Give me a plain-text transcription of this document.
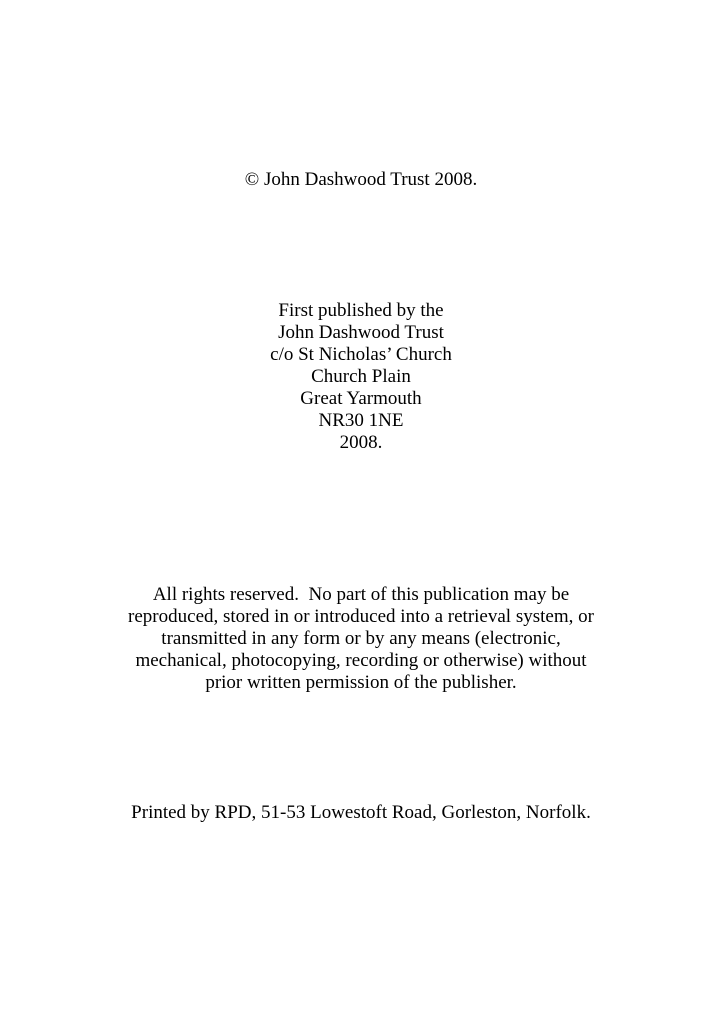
© John Dashwood Trust 2008.
First published by the
John Dashwood Trust
c/o St Nicholas’ Church
Church Plain
Great Yarmouth
NR30 1NE
2008.
All rights reserved.  No part of this publication may be
reproduced, stored in or introduced into a retrieval system, or
transmitted in any form or by any means (electronic,
mechanical, photocopying, recording or otherwise) without
prior written permission of the publisher.
Printed by RPD, 51-53 Lowestoft Road, Gorleston, Norfolk.
